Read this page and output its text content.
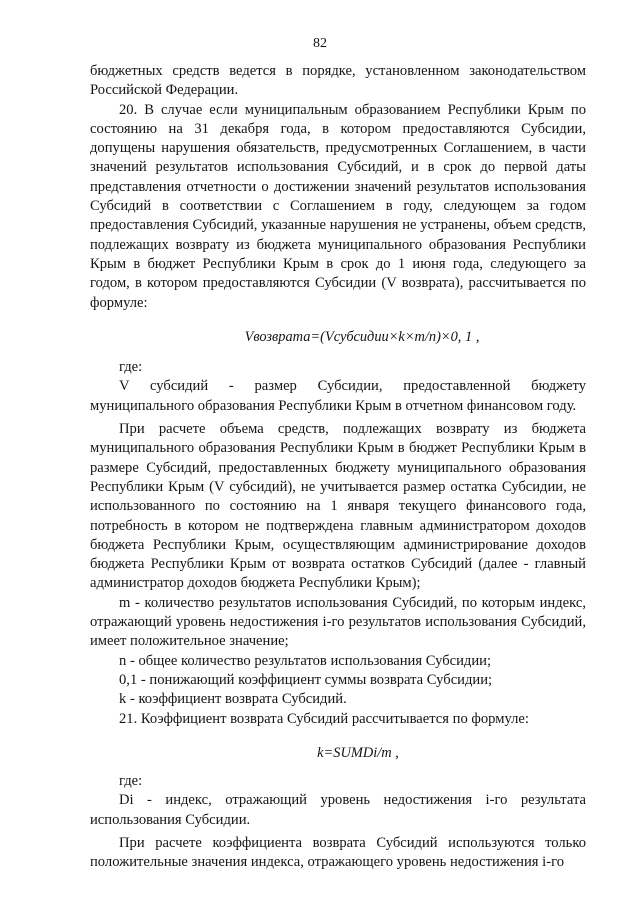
82

бюджетных средств ведется в порядке, установленном законодательством Российской Федерации.

20. В случае если муниципальным образованием Республики Крым по состоянию на 31 декабря года, в котором предоставляются Субсидии, допущены нарушения обязательств, предусмотренных Соглашением, в части значений результатов использования Субсидий, и в срок до первой даты представления отчетности о достижении значений результатов использования Субсидий в соответствии с Соглашением в году, следующем за годом предоставления Субсидий, указанные нарушения не устранены, объем средств, подлежащих возврату из бюджета муниципального образования Республики Крым в бюджет Республики Крым в срок до 1 июня года, следующего за годом, в котором предоставляются Субсидии (V возврата), рассчитывается по формуле:

Vвозврата=(Vсубсидии×k×m/n)×0, 1 ,

где:

V субсидий - размер Субсидии, предоставленной бюджету муниципального образования Республики Крым в отчетном финансовом году.

При расчете объема средств, подлежащих возврату из бюджета муниципального образования Республики Крым в бюджет Республики Крым в размере Субсидий, предоставленных бюджету муниципального образования Республики Крым (V субсидий), не учитывается размер остатка Субсидии, не использованного по состоянию на 1 января текущего финансового года, потребность в котором не подтверждена главным администратором доходов бюджета Республики Крым, осуществляющим администрирование доходов бюджета Республики Крым от возврата остатков Субсидий (далее - главный администратор доходов бюджета Республики Крым);

m - количество результатов использования Субсидий, по которым индекс, отражающий уровень недостижения i-го результатов использования Субсидий, имеет положительное значение;

n - общее количество результатов использования Субсидии;

0,1 - понижающий коэффициент суммы возврата Субсидии;

k - коэффициент возврата Субсидий.

21. Коэффициент возврата Субсидий рассчитывается по формуле:

k=SUMDi/m ,

где:

Di - индекс, отражающий уровень недостижения i-го результата использования Субсидии.

При расчете коэффициента возврата Субсидий используются только положительные значения индекса, отражающего уровень недостижения i-го
